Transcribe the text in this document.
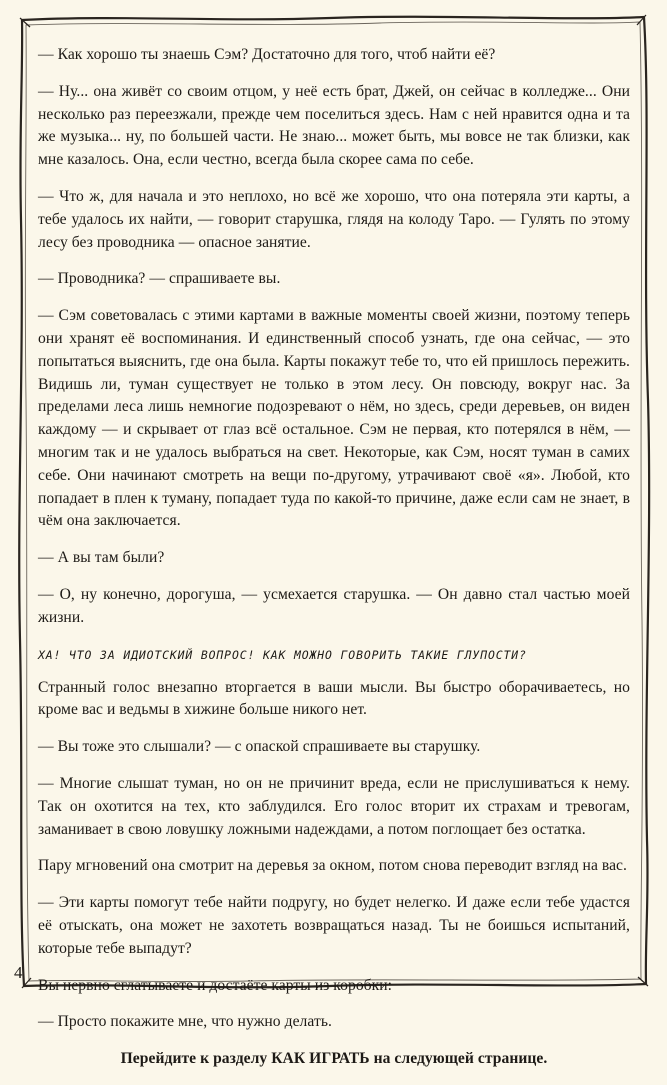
— Как хорошо ты знаешь Сэм? Достаточно для того, чтоб найти её?

— Ну... она живёт со своим отцом, у неё есть брат, Джей, он сейчас в колледже... Они несколько раз переезжали, прежде чем поселиться здесь. Нам с ней нравится одна и та же музыка... ну, по большей части. Не знаю... может быть, мы вовсе не так близки, как мне казалось. Она, если честно, всегда была скорее сама по себе.

— Что ж, для начала и это неплохо, но всё же хорошо, что она потеряла эти карты, а тебе удалось их найти, — говорит старушка, глядя на колоду Таро. — Гулять по этому лесу без проводника — опасное занятие.

— Проводника? — спрашиваете вы.

— Сэм советовалась с этими картами в важные моменты своей жизни, поэтому теперь они хранят её воспоминания. И единственный способ узнать, где она сейчас, — это попытаться выяснить, где она была. Карты покажут тебе то, что ей пришлось пережить. Видишь ли, туман существует не только в этом лесу. Он повсюду, вокруг нас. За пределами леса лишь немногие подозревают о нём, но здесь, среди деревьев, он виден каждому — и скрывает от глаз всё остальное. Сэм не первая, кто потерялся в нём, — многим так и не удалось выбраться на свет. Некоторые, как Сэм, носят туман в самих себе. Они начинают смотреть на вещи по-другому, утрачивают своё «я». Любой, кто попадает в плен к туману, попадает туда по какой-то причине, даже если сам не знает, в чём она заключается.

— А вы там были?

— О, ну конечно, дорогуша, — усмехается старушка. — Он давно стал частью моей жизни.

ХА! ЧТО ЗА ИДИОТСКИЙ ВОПРОС! КАК МОЖНО ГОВОРИТЬ ТАКИЕ ГЛУПОСТИ?

Странный голос внезапно вторгается в ваши мысли. Вы быстро оборачиваетесь, но кроме вас и ведьмы в хижине больше никого нет.

— Вы тоже это слышали? — с опаской спрашиваете вы старушку.

— Многие слышат туман, но он не причинит вреда, если не прислушиваться к нему. Так он охотится на тех, кто заблудился. Его голос вторит их страхам и тревогам, заманивает в свою ловушку ложными надеждами, а потом поглощает без остатка.

Пару мгновений она смотрит на деревья за окном, потом снова переводит взгляд на вас.

— Эти карты помогут тебе найти подругу, но будет нелегко. И даже если тебе удастся её отыскать, она может не захотеть возвращаться назад. Ты не боишься испытаний, которые тебе выпадут?

Вы нервно сглатываете и достаёте карты из коробки:

— Просто покажите мне, что нужно делать.

Перейдите к разделу КАК ИГРАТЬ на следующей странице.

4
